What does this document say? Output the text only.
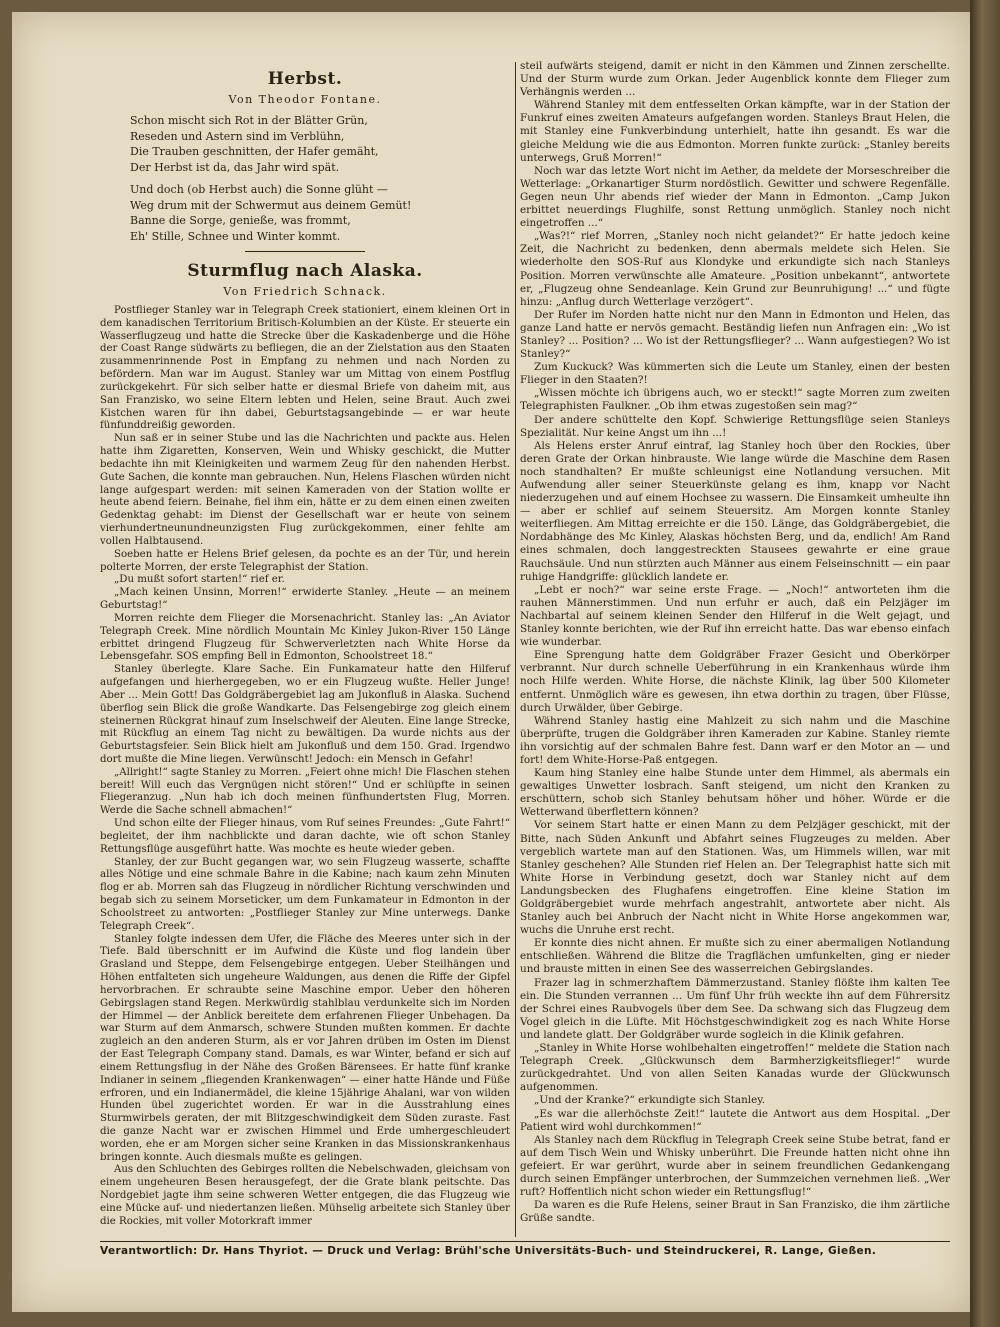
Herbst.
Von Theodor Fontane.
Schon mischt sich Rot in der Blätter Grün,
Reseden und Astern sind im Verblühn,
Die Trauben geschnitten, der Hafer gemäht,
Der Herbst ist da, das Jahr wird spät.
Und doch (ob Herbst auch) die Sonne glüht —
Weg drum mit der Schwermut aus deinem Gemüt!
Banne die Sorge, genieße, was frommt,
Eh' Stille, Schnee und Winter kommt.
Sturmflug nach Alaska.
Von Friedrich Schnack.

Postflieger Stanley war in Telegraph Creek stationiert, einem kleinen Ort in dem kanadischen Territorium Britisch-Kolumbien an der Küste. Er steuerte ein Wasserflugzeug und hatte die Strecke über die Kaskadenberge und die Höhe der Coast Range südwärts zu befliegen, die an der Zielstation aus den Staaten zusammenrinnende Post in Empfang zu nehmen und nach Norden zu befördern. Man war im August. Stanley war um Mittag von einem Postflug zurückgekehrt. Für sich selber hatte er diesmal Briefe von daheim mit, aus San Franzisko, wo seine Eltern lebten und Helen, seine Braut. Auch zwei Kistchen waren für ihn dabei, Geburtstagsangebinde — er war heute fünfunddreißig geworden.

Nun saß er in seiner Stube und las die Nachrichten und packte aus. Helen hatte ihm Zigaretten, Konserven, Wein und Whisky geschickt, die Mutter bedachte ihn mit Kleinigkeiten und warmem Zeug für den nahenden Herbst. Gute Sachen, die konnte man gebrauchen. Nun, Helens Flaschen würden nicht lange aufgespart werden: mit seinen Kameraden von der Station wollte er heute abend feiern. Beinahe, fiel ihm ein, hätte er zu dem einen einen zweiten Gedenktag gehabt: im Dienst der Gesellschaft war er heute von seinem vierhundertneunundneunzigsten Flug zurückgekommen, einer fehlte am vollen Halbtausend.

Soeben hatte er Helens Brief gelesen, da pochte es an der Tür, und herein polterte Morren, der erste Telegraphist der Station.

„Du mußt sofort starten!“ rief er.

„Mach keinen Unsinn, Morren!“ erwiderte Stanley. „Heute — an meinem Geburtstag!“

Morren reichte dem Flieger die Morsenachricht. Stanley las: „An Aviator Telegraph Creek. Mine nördlich Mountain Mc Kinley Jukon-River 150 Länge erbittet dringend Flugzeug für Schwerverletzten nach White Horse da Lebensgefahr. SOS empfing Bell in Edmonton, Schoolstreet 18.“

Stanley überlegte. Klare Sache. Ein Funkamateur hatte den Hilferuf aufgefangen und hierhergegeben, wo er ein Flugzeug wußte. Heller Junge! Aber ... Mein Gott! Das Goldgräbergebiet lag am Jukonfluß in Alaska. Suchend überflog sein Blick die große Wandkarte. Das Felsengebirge zog gleich einem steinernen Rückgrat hinauf zum Inselschweif der Aleuten. Eine lange Strecke, mit Rückflug an einem Tag nicht zu bewältigen. Da wurde nichts aus der Geburtstagsfeier. Sein Blick hielt am Jukonfluß und dem 150. Grad. Irgendwo dort mußte die Mine liegen. Verwünscht! Jedoch: ein Mensch in Gefahr!

„Allright!“ sagte Stanley zu Morren. „Feiert ohne mich! Die Flaschen stehen bereit! Will euch das Vergnügen nicht stören!“ Und er schlüpfte in seinen Fliegeranzug. „Nun hab ich doch meinen fünfhundertsten Flug, Morren. Werde die Sache schnell abmachen!“

Und schon eilte der Flieger hinaus, vom Ruf seines Freundes: „Gute Fahrt!“ begleitet, der ihm nachblickte und daran dachte, wie oft schon Stanley Rettungsflüge ausgeführt hatte. Was mochte es heute wieder geben.

Stanley, der zur Bucht gegangen war, wo sein Flugzeug wasserte, schaffte alles Nötige und eine schmale Bahre in die Kabine; nach kaum zehn Minuten flog er ab. Morren sah das Flugzeug in nördlicher Richtung verschwinden und begab sich zu seinem Morseticker, um dem Funkamateur in Edmonton in der Schoolstreet zu antworten: „Postflieger Stanley zur Mine unterwegs. Danke Telegraph Creek“.

Stanley folgte indessen dem Ufer, die Fläche des Meeres unter sich in der Tiefe. Bald überschnitt er im Aufwind die Küste und flog landein über Grasland und Steppe, dem Felsengebirge entgegen. Ueber Steilhängen und Höhen entfalteten sich ungeheure Waldungen, aus denen die Riffe der Gipfel hervorbrachen. Er schraubte seine Maschine empor. Ueber den höheren Gebirgslagen stand Regen. Merkwürdig stahlblau verdunkelte sich im Norden der Himmel — der Anblick bereitete dem erfahrenen Flieger Unbehagen. Da war Sturm auf dem Anmarsch, schwere Stunden mußten kommen. Er dachte zugleich an den anderen Sturm, als er vor Jahren drüben im Osten im Dienst der East Telegraph Company stand. Damals, es war Winter, befand er sich auf einem Rettungsflug in der Nähe des Großen Bärensees. Er hatte fünf kranke Indianer in seinem „fliegenden Krankenwagen“ — einer hatte Hände und Füße erfroren, und ein Indianermädel, die kleine 15jährige Ahalani, war von wilden Hunden übel zugerichtet worden. Er war in die Ausstrahlung eines Sturmwirbels geraten, der mit Blitzgeschwindigkeit dem Süden zuraste. Fast die ganze Nacht war er zwischen Himmel und Erde umhergeschleudert worden, ehe er am Morgen sicher seine Kranken in das Missionskrankenhaus bringen konnte. Auch diesmals mußte es gelingen.

Aus den Schluchten des Gebirges rollten die Nebelschwaden, gleichsam von einem ungeheuren Besen herausgefegt, der die Grate blank peitschte. Das Nordgebiet jagte ihm seine schweren Wetter entgegen, die das Flugzeug wie eine Mücke auf- und niedertanzen ließen. Mühselig arbeitete sich Stanley über die Rockies, mit voller Motorkraft immer

steil aufwärts steigend, damit er nicht in den Kämmen und Zinnen zerschellte. Und der Sturm wurde zum Orkan. Jeder Augenblick konnte dem Flieger zum Verhängnis werden ...

Während Stanley mit dem entfesselten Orkan kämpfte, war in der Station der Funkruf eines zweiten Amateurs aufgefangen worden. Stanleys Braut Helen, die mit Stanley eine Funkverbindung unterhielt, hatte ihn gesandt. Es war die gleiche Meldung wie die aus Edmonton. Morren funkte zurück: „Stanley bereits unterwegs, Gruß Morren!“

Noch war das letzte Wort nicht im Aether, da meldete der Morseschreiber die Wetterlage: „Orkanartiger Sturm nordöstlich. Gewitter und schwere Regenfälle. Gegen neun Uhr abends rief wieder der Mann in Edmonton. „Camp Jukon erbittet neuerdings Flughilfe, sonst Rettung unmöglich. Stanley noch nicht eingetroffen ...“

„Was?!“ rief Morren, „Stanley noch nicht gelandet?“ Er hatte jedoch keine Zeit, die Nachricht zu bedenken, denn abermals meldete sich Helen. Sie wiederholte den SOS-Ruf aus Klondyke und erkundigte sich nach Stanleys Position. Morren verwünschte alle Amateure. „Position unbekannt“, antwortete er, „Flugzeug ohne Sendeanlage. Kein Grund zur Beunruhigung! ...“ und fügte hinzu: „Anflug durch Wetterlage verzögert“.

Der Rufer im Norden hatte nicht nur den Mann in Edmonton und Helen, das ganze Land hatte er nervös gemacht. Beständig liefen nun Anfragen ein: „Wo ist Stanley? ... Position? ... Wo ist der Rettungsflieger? ... Wann aufgestiegen? Wo ist Stanley?“

Zum Kuckuck? Was kümmerten sich die Leute um Stanley, einen der besten Flieger in den Staaten?!

„Wissen möchte ich übrigens auch, wo er steckt!“ sagte Morren zum zweiten Telegraphisten Faulkner. „Ob ihm etwas zugestoßen sein mag?“

Der andere schüttelte den Kopf. Schwierige Rettungsflüge seien Stanleys Spezialität. Nur keine Angst um ihn ...!

Als Helens erster Anruf eintraf, lag Stanley hoch über den Rockies, über deren Grate der Orkan hinbrauste. Wie lange würde die Maschine dem Rasen noch standhalten? Er mußte schleunigst eine Notlandung versuchen. Mit Aufwendung aller seiner Steuerkünste gelang es ihm, knapp vor Nacht niederzugehen und auf einem Hochsee zu wassern. Die Einsamkeit umheulte ihn — aber er schlief auf seinem Steuersitz. Am Morgen konnte Stanley weiterfliegen. Am Mittag erreichte er die 150. Länge, das Goldgräbergebiet, die Nordabhänge des Mc Kinley, Alaskas höchsten Berg, und da, endlich! Am Rand eines schmalen, doch langgestreckten Stausees gewahrte er eine graue Rauchsäule. Und nun stürzten auch Männer aus einem Felseinschnitt — ein paar ruhige Handgriffe: glücklich landete er.

„Lebt er noch?“ war seine erste Frage. — „Noch!“ antworteten ihm die rauhen Männerstimmen. Und nun erfuhr er auch, daß ein Pelzjäger im Nachbartal auf seinem kleinen Sender den Hilferuf in die Welt gejagt, und Stanley konnte berichten, wie der Ruf ihn erreicht hatte. Das war ebenso einfach wie wunderbar.

Eine Sprengung hatte dem Goldgräber Frazer Gesicht und Oberkörper verbrannt. Nur durch schnelle Ueberführung in ein Krankenhaus würde ihm noch Hilfe werden. White Horse, die nächste Klinik, lag über 500 Kilometer entfernt. Unmöglich wäre es gewesen, ihn etwa dorthin zu tragen, über Flüsse, durch Urwälder, über Gebirge.

Während Stanley hastig eine Mahlzeit zu sich nahm und die Maschine überprüfte, trugen die Goldgräber ihren Kameraden zur Kabine. Stanley riemte ihn vorsichtig auf der schmalen Bahre fest. Dann warf er den Motor an — und fort! dem White-Horse-Paß entgegen.

Kaum hing Stanley eine halbe Stunde unter dem Himmel, als abermals ein gewaltiges Unwetter losbrach. Sanft steigend, um nicht den Kranken zu erschüttern, schob sich Stanley behutsam höher und höher. Würde er die Wetterwand überflettern können?

Vor seinem Start hatte er einen Mann zu dem Pelzjäger geschickt, mit der Bitte, nach Süden Ankunft und Abfahrt seines Flugzeuges zu melden. Aber vergeblich wartete man auf den Stationen. Was, um Himmels willen, war mit Stanley geschehen? Alle Stunden rief Helen an. Der Telegraphist hatte sich mit White Horse in Verbindung gesetzt, doch war Stanley nicht auf dem Landungsbecken des Flughafens eingetroffen. Eine kleine Station im Goldgräbergebiet wurde mehrfach angestrahlt, antwortete aber nicht. Als Stanley auch bei Anbruch der Nacht nicht in White Horse angekommen war, wuchs die Unruhe erst recht.

Er konnte dies nicht ahnen. Er mußte sich zu einer abermaligen Notlandung entschließen. Während die Blitze die Tragflächen umfunkelten, ging er nieder und brauste mitten in einen See des wasserreichen Gebirgslandes.

Frazer lag in schmerzhaftem Dämmerzustand. Stanley flößte ihm kalten Tee ein. Die Stunden verrannen ... Um fünf Uhr früh weckte ihn auf dem Führersitz der Schrei eines Raubvogels über dem See. Da schwang sich das Flugzeug dem Vogel gleich in die Lüfte. Mit Höchstgeschwindigkeit zog es nach White Horse und landete glatt. Der Goldgräber wurde sogleich in die Klinik gefahren.

„Stanley in White Horse wohlbehalten eingetroffen!“ meldete die Station nach Telegraph Creek. „Glückwunsch dem Barmherzigkeitsflieger!“ wurde zurückgedrahtet. Und von allen Seiten Kanadas wurde der Glückwunsch aufgenommen.

„Und der Kranke?“ erkundigte sich Stanley.

„Es war die allerhöchste Zeit!“ lautete die Antwort aus dem Hospital. „Der Patient wird wohl durchkommen!“

Als Stanley nach dem Rückflug in Telegraph Creek seine Stube betrat, fand er auf dem Tisch Wein und Whisky unberührt. Die Freunde hatten nicht ohne ihn gefeiert. Er war gerührt, wurde aber in seinem freundlichen Gedankengang durch seinen Empfänger unterbrochen, der Summzeichen vernehmen ließ. „Wer ruft? Hoffentlich nicht schon wieder ein Rettungsflug!“

Da waren es die Rufe Helens, seiner Braut in San Franzisko, die ihm zärtliche Grüße sandte.

Verantwortlich: Dr. Hans Thyriot. — Druck und Verlag: Brühl'sche Universitäts-Buch- und Steindruckerei, R. Lange, Gießen.
